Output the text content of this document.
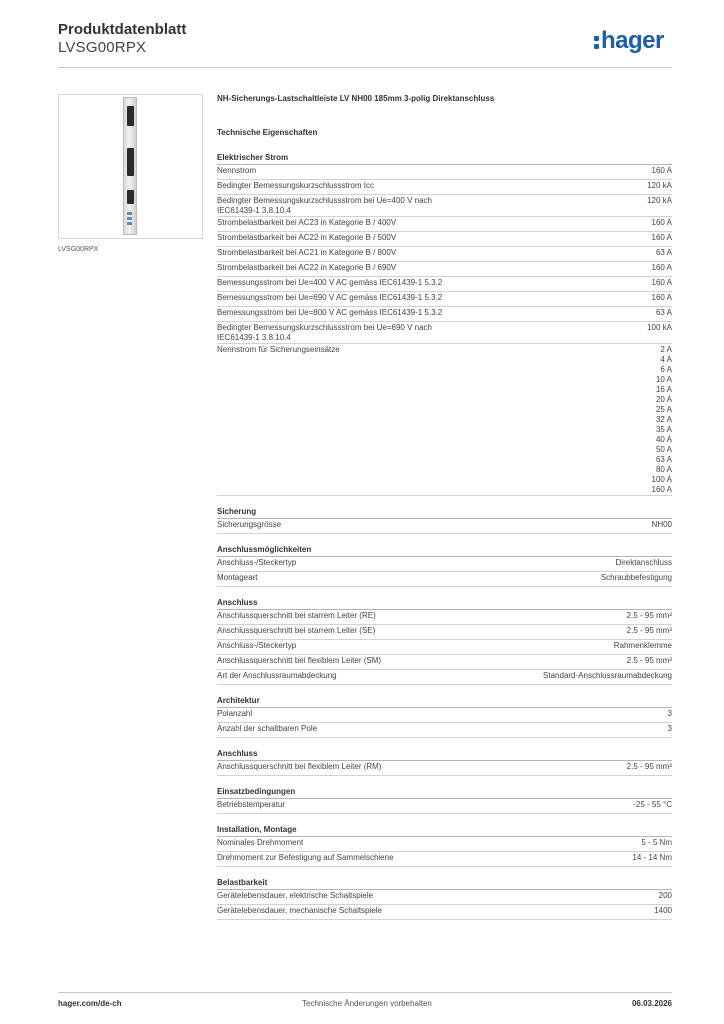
Produktdatenblatt
LVSG00RPX	hager
LVSG00RPX
NH-Sicherungs-Lastschaltleiste LV NH00 185mm 3-polig Direktanschluss
Technische Eigenschaften
Elektrischer Strom
Nennstrom	160 A
Bedingter Bemessungskurzschlussstrom Icc	120 kA
Bedingter Bemessungskurzschlussstrom bei Ue=400 V nach
IEC61439-1 3.8.10.4
120 kA
Strombelastbarkeit bei AC23 in Kategorie B / 400V	160 A
Strombelastbarkeit bei AC22 in Kategorie B / 500V	160 A
Strombelastbarkeit bei AC21 in Kategorie B / 800V	63 A
Strombelastbarkeit bei AC22 in Kategorie B / 690V	160 A
Bemessungsstrom bei Ue=400 V AC gemäss IEC61439-1 5.3.2	160 A
Bemessungsstrom bei Ue=690 V AC gemäss IEC61439-1 5.3.2	160 A
Bemessungsstrom bei Ue=800 V AC gemäss IEC61439-1 5.3.2	63 A
Bedingter Bemessungskurzschlussstrom bei Ue=690 V nach
IEC61439-1 3.8.10.4
100 kA
Nennstrom für Sicherungseinsätze	2 A
4 A
6 A
10 A
16 A
20 A
25 A
32 A
35 A
40 A
50 A
63 A
80 A
100 A
160 A
Sicherung
Sicherungsgrösse	NH00
Anschlussmöglichkeiten
Anschluss-/Steckertyp	Direktanschluss
Montageart	Schraubbefestigung
Anschluss
Anschlussquerschnitt bei starrem Leiter (RE)	2.5 - 95 mm²
Anschlussquerschnitt bei starrem Leiter (SE)	2.5 - 95 mm²
Anschluss-/Steckertyp	Rahmenklemme
Anschlussquerschnitt bei flexiblem Leiter (SM)	2.5 - 95 mm²
Art der Anschlussraumabdeckung	Standard-Anschlussraumabdeckung
Architektur
Polanzahl	3
Anzahl der schaltbaren Pole	3
Anschluss
Anschlussquerschnitt bei flexiblem Leiter (RM)	2.5 - 95 mm²
Einsatzbedingungen
Betriebstemperatur	-25 - 55 °C
Installation, Montage
Nominales Drehmoment	5 - 5 Nm
Drehmoment zur Befestigung auf Sammelschiene	14 - 14 Nm
Belastbarkeit
Gerätelebensdauer, elektrische Schaltspiele	200
Gerätelebensdauer, mechanische Schaltspiele	1400
hager.com/de-ch	Technische Änderungen vorbehalten	06.03.2026
